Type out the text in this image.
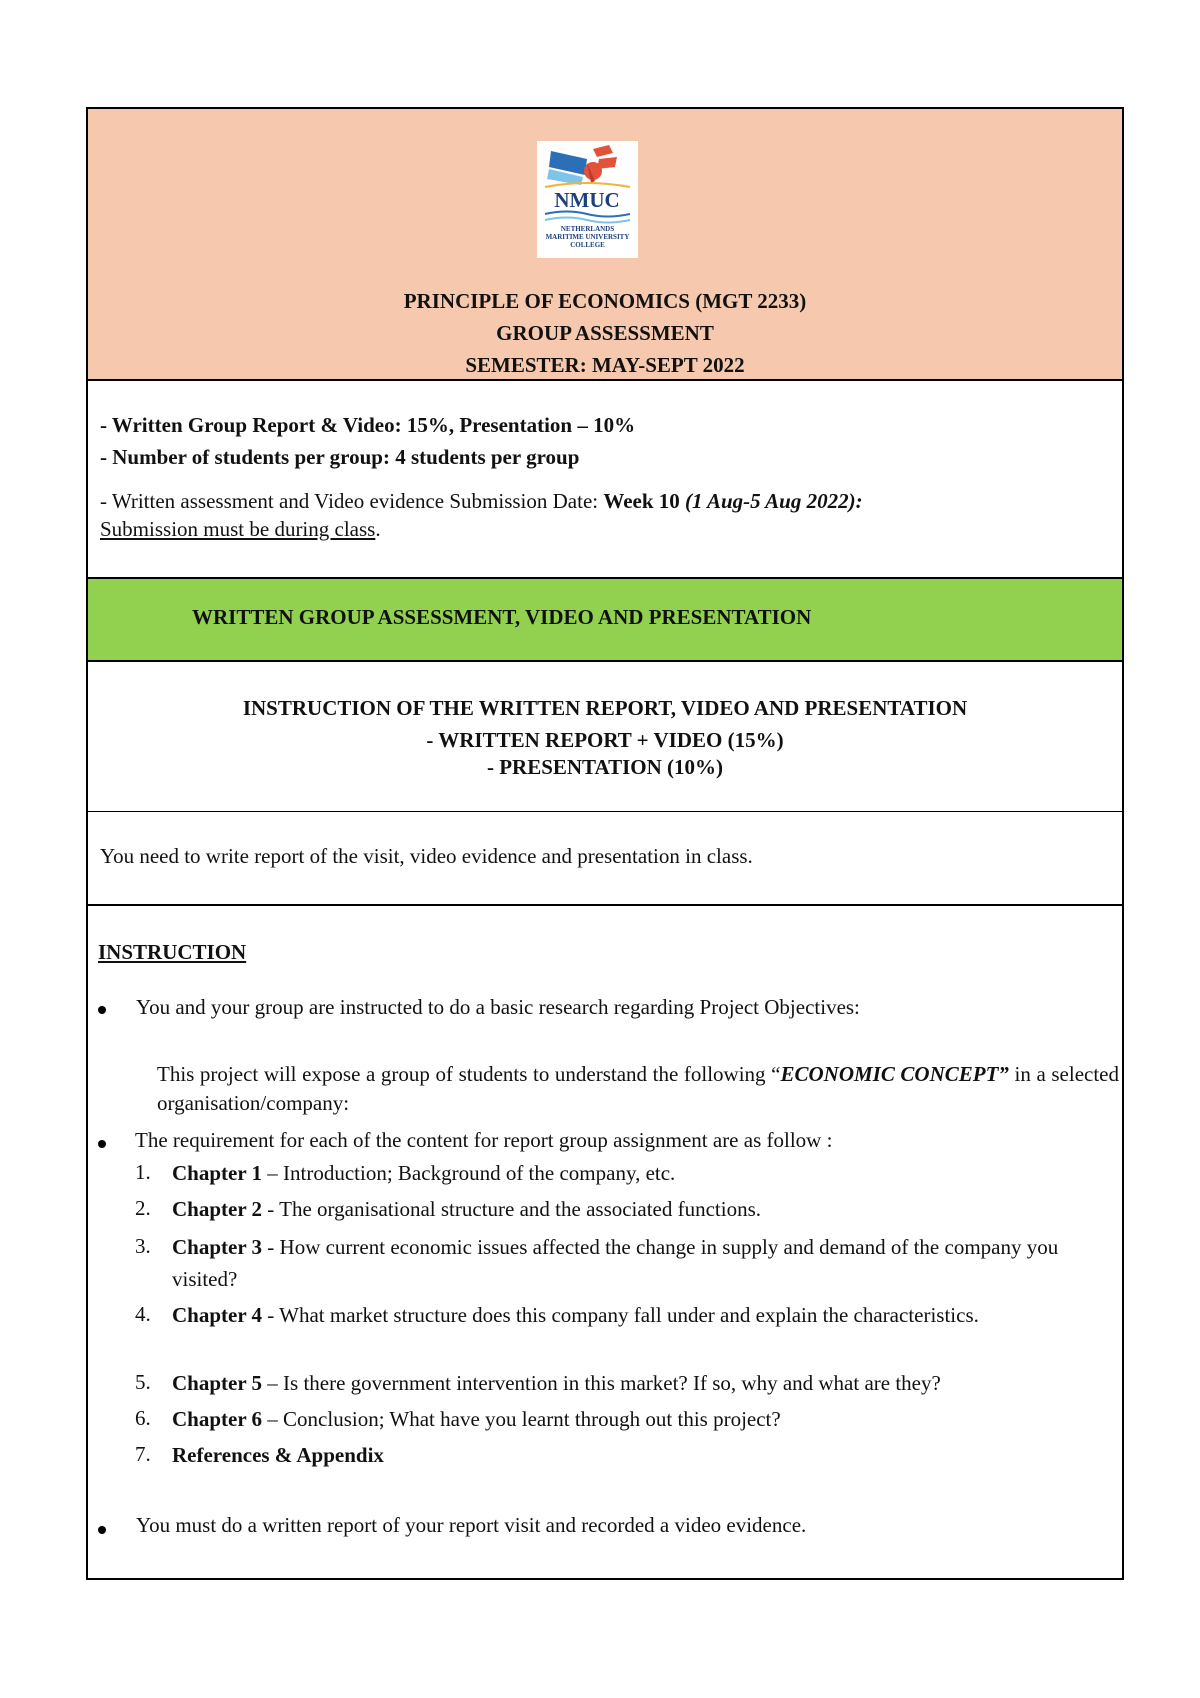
NMUC
NETHERLANDS MARITIME UNIVERSITY COLLEGE
PRINCIPLE OF ECONOMICS (MGT 2233)
GROUP ASSESSMENT
SEMESTER: MAY-SEPT 2022
- Written Group Report & Video: 15%, Presentation – 10%
- Number of students per group: 4 students per group
- Written assessment and Video evidence Submission Date: Week 10 (1 Aug-5 Aug 2022):
Submission must be during class.
WRITTEN GROUP ASSESSMENT, VIDEO AND PRESENTATION
INSTRUCTION OF THE WRITTEN REPORT, VIDEO AND PRESENTATION
- WRITTEN REPORT + VIDEO (15%)
- PRESENTATION (10%)
You need to write report of the visit, video evidence and presentation in class.
INSTRUCTION
You and your group are instructed to do a basic research regarding Project Objectives:
This project will expose a group of students to understand the following “ECONOMIC CONCEPT” in a selected organisation/company:
The requirement for each of the content for report group assignment are as follow :
1. Chapter 1 – Introduction; Background of the company, etc.
2. Chapter 2 - The organisational structure and the associated functions.
3. Chapter 3 - How current economic issues affected the change in supply and demand of the company you visited?
4. Chapter 4 - What market structure does this company fall under and explain the characteristics.
5. Chapter 5 – Is there government intervention in this market? If so, why and what are they?
6. Chapter 6 – Conclusion; What have you learnt through out this project?
7. References & Appendix
You must do a written report of your report visit and recorded a video evidence.
